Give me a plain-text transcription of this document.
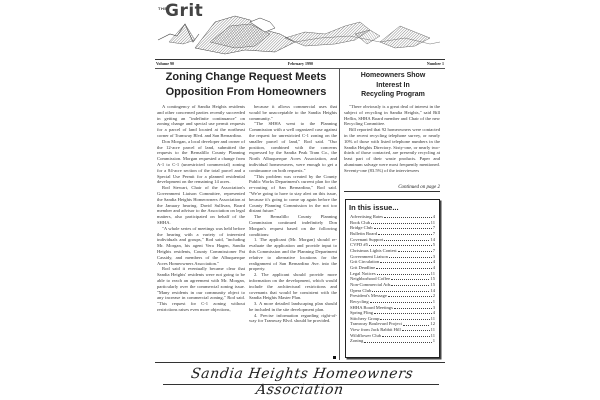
THE
Grit
Volume 90	February 1990	Number 1
Zoning Change Request Meets
Opposition From Homeowners
Homeowners Show
Interest In
Recycling Program

A contingency of Sandia Heights residents and other concerned parties recently succeeded in getting an "indefinite continuance" on zoning change and special use permit requests for a parcel of land located at the northeast corner of Tramway Blvd. and San Bernardino.

Don Morgan, a local developer and owner of the 12-acre parcel of land, submitted the requests to the Bernalillo County Planning Commission. Morgan requested a change from A-1 to C-1 (unrestricted commercial) zoning for a 84-acre section of the total parcel and a Special Use Permit for a planned residential development on the remaining 14 acres.

Rod Stewart, Chair of the Association's Government Liaison Committee, represented the Sandia Heights Homeowners Association at the January hearing. David Sullivan, Board member and advisor to the Association on legal matters, also participated on behalf of the SHHA.

"A whole series of meetings was held before the hearing with a variety of interested individuals and groups," Rod said, "including Mr. Morgan, his agent Vera Hagen, Sandia Heights residents, County Commissioner Pat Cassidy, and members of the Albuquerque Acres Homeowners Association."

Rod said it eventually became clear that Sandia Heights' residents were not going to be able to reach an agreement with Mr. Morgan, particularly over the commercial zoning issue. "Many residents in our community object to any increase in commercial zoning," Rod said. "This request for C-1 zoning without restrictions raises even more objections,

because it allows commercial uses that would be unacceptable to the Sandia Heights community."

"The SHHA went to the Planning Commission with a well organized case against the request for unrestricted C-1 zoning on the smaller parcel of land," Rod said. "Our position, combined with the concerns expressed by the Sandia Peak Tram Co., the North Albuquerque Acres Association, and individual homeowners, were enough to get a continuance on both requests."

"This problem was created by the County Public Works Department's current plan for the re-routing of San Bernardino," Rod said. "We're going to have to stay alert on this issue, because it's going to come up again before the County Planning Commission in the not too distant future."

The Bernalillo County Planning Commission continued indefinitely Don Morgan's request based on the following conditions:

1. The applicant (Mr. Morgan) should re-evaluate the application and provide input to this Commission and the Planning Department relative to alternative locations for the realignment of San Bernardino Ave. into the property.

2. The applicant should provide more information on the development, which would include the architectural restrictions and covenants that would be consistent with the Sandia Heights Master Plan.

3. A more detailed landscaping plan should be included in the site development plan.

4. Precise information regarding right-of-way for Tramway Blvd. should be provided.

"There obviously is a great deal of interest in the subject of recycling in Sandia Heights," said Bill Heflin, SHHA Board member and Chair of the new Recycling Committee.

Bill reported that 92 homeowners were contacted in the recent recycling telephone survey, or nearly 10% of those with listed telephone numbers in the Sandia Heights Directory. Sixty-one, or nearly two-thirds of those contacted, are presently recycling at least part of their waste products. Paper and aluminum salvage were most frequently mentioned. Seventy-one (83.5%) of the interviewees

Continued on page 2
In this issue...
Advertising Rates	4
Book Club	11
Bridge Club	7
Bulletin Board	7
Covenant Support	14
CVFD #5	5
Christmas Lights Contest	7
Government Liaison	3
Grit Circulation	4
Grit Deadline	4
Legal Notices	11
Neighborhood Coffee	15
Non-Commercial Ads	15
Opera Club	14
President's Message	2
Recycling	1
SHHA Board Meetings	3
Spring Fling	4
Stitchery Group	11
Tramway Boulevard Project	12
View from Jack Rabbit Hill	11
Wildflower Club	11
Zoning	1
Sandia Heights Homeowners Association
